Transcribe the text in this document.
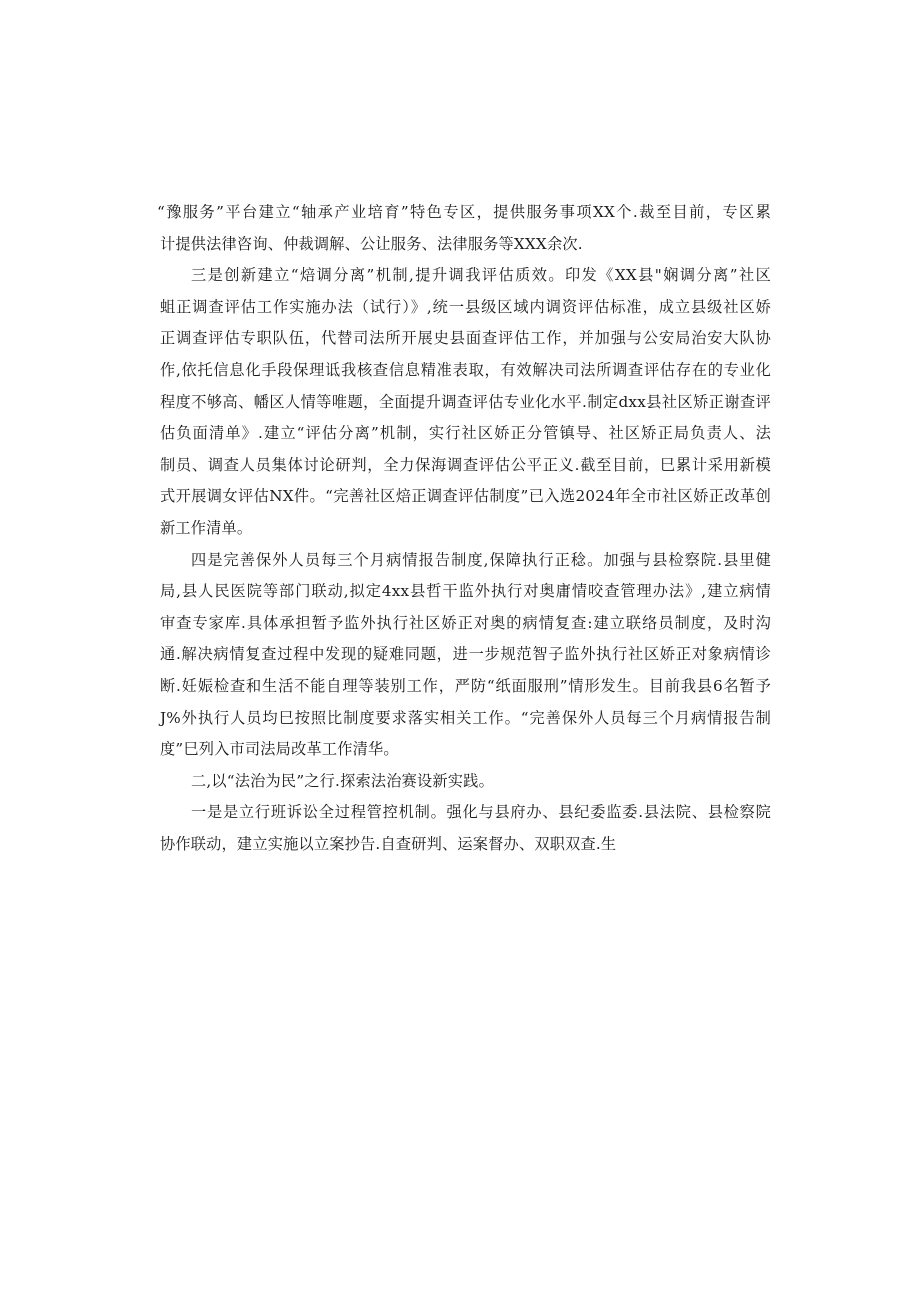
“豫服务”平台建立“轴承产业培育”特色专区，提供服务事项XX个.裁至目前，专区累
计提供法律咨询、仲裁调解、公让服务、法律服务等XXX余次.
三是创新建立“焙调分离”机制,提升调我评估质效。印发《XX县"娴调分离”社区
蛆正调查评估工作实施办法（试行）》,统一县级区域内调资评估标准，成立县级社区娇
正调查评估专职队伍，代替司法所开展史县面查评估工作，并加强与公安局治安大队协
作,依托信息化手段保理诋我核查信息精准表取，有效解决司法所调查评估存在的专业化
程度不够高、幡区人情等唯题，全面提升调查评估专业化水平.制定dxx县社区矫正谢查评
估负面清单》.建立“评估分离”机制，实行社区娇正分管镇导、社区矫正局负责人、法
制员、调查人员集体讨论研判，全力保海调查评估公平正义.截至目前，巳累计采用新模
式开展调女评估NX件。“完善社区焙正调查评估制度”已入选2024年全市社区娇正改革创
新工作清单。
四是完善保外人员每三个月病情报告制度,保障执行正稔。加强与县检察院.县里健
局,县人民医院等部门联动,拟定4xx县哲干监外执行对奥庸情咬查管理办法》,建立病情
审查专家库.具体承担暂予监外执行社区娇正对奥的病情复查:建立联络员制度，及时沟
通.解决病情复查过程中发现的疑难同题，进一步规范智子监外执行社区娇正对象病情诊
断.妊娠检查和生活不能自理等装别工作，严防“纸面服刑”情形发生。目前我县6名暂予
J%外执行人员均巳按照比制度要求落实相关工作。“完善保外人员每三个月病情报告制
度”巳列入市司法局改革工作清华。
二,以“法治为民”之行.探索法治赛设新实践。
一是是立行班诉讼全过程管控机制。强化与县府办、县纪委监委.县法院、县检察院
协作联动，建立实施以立案抄告.自查研判、运案督办、双职双查.生
